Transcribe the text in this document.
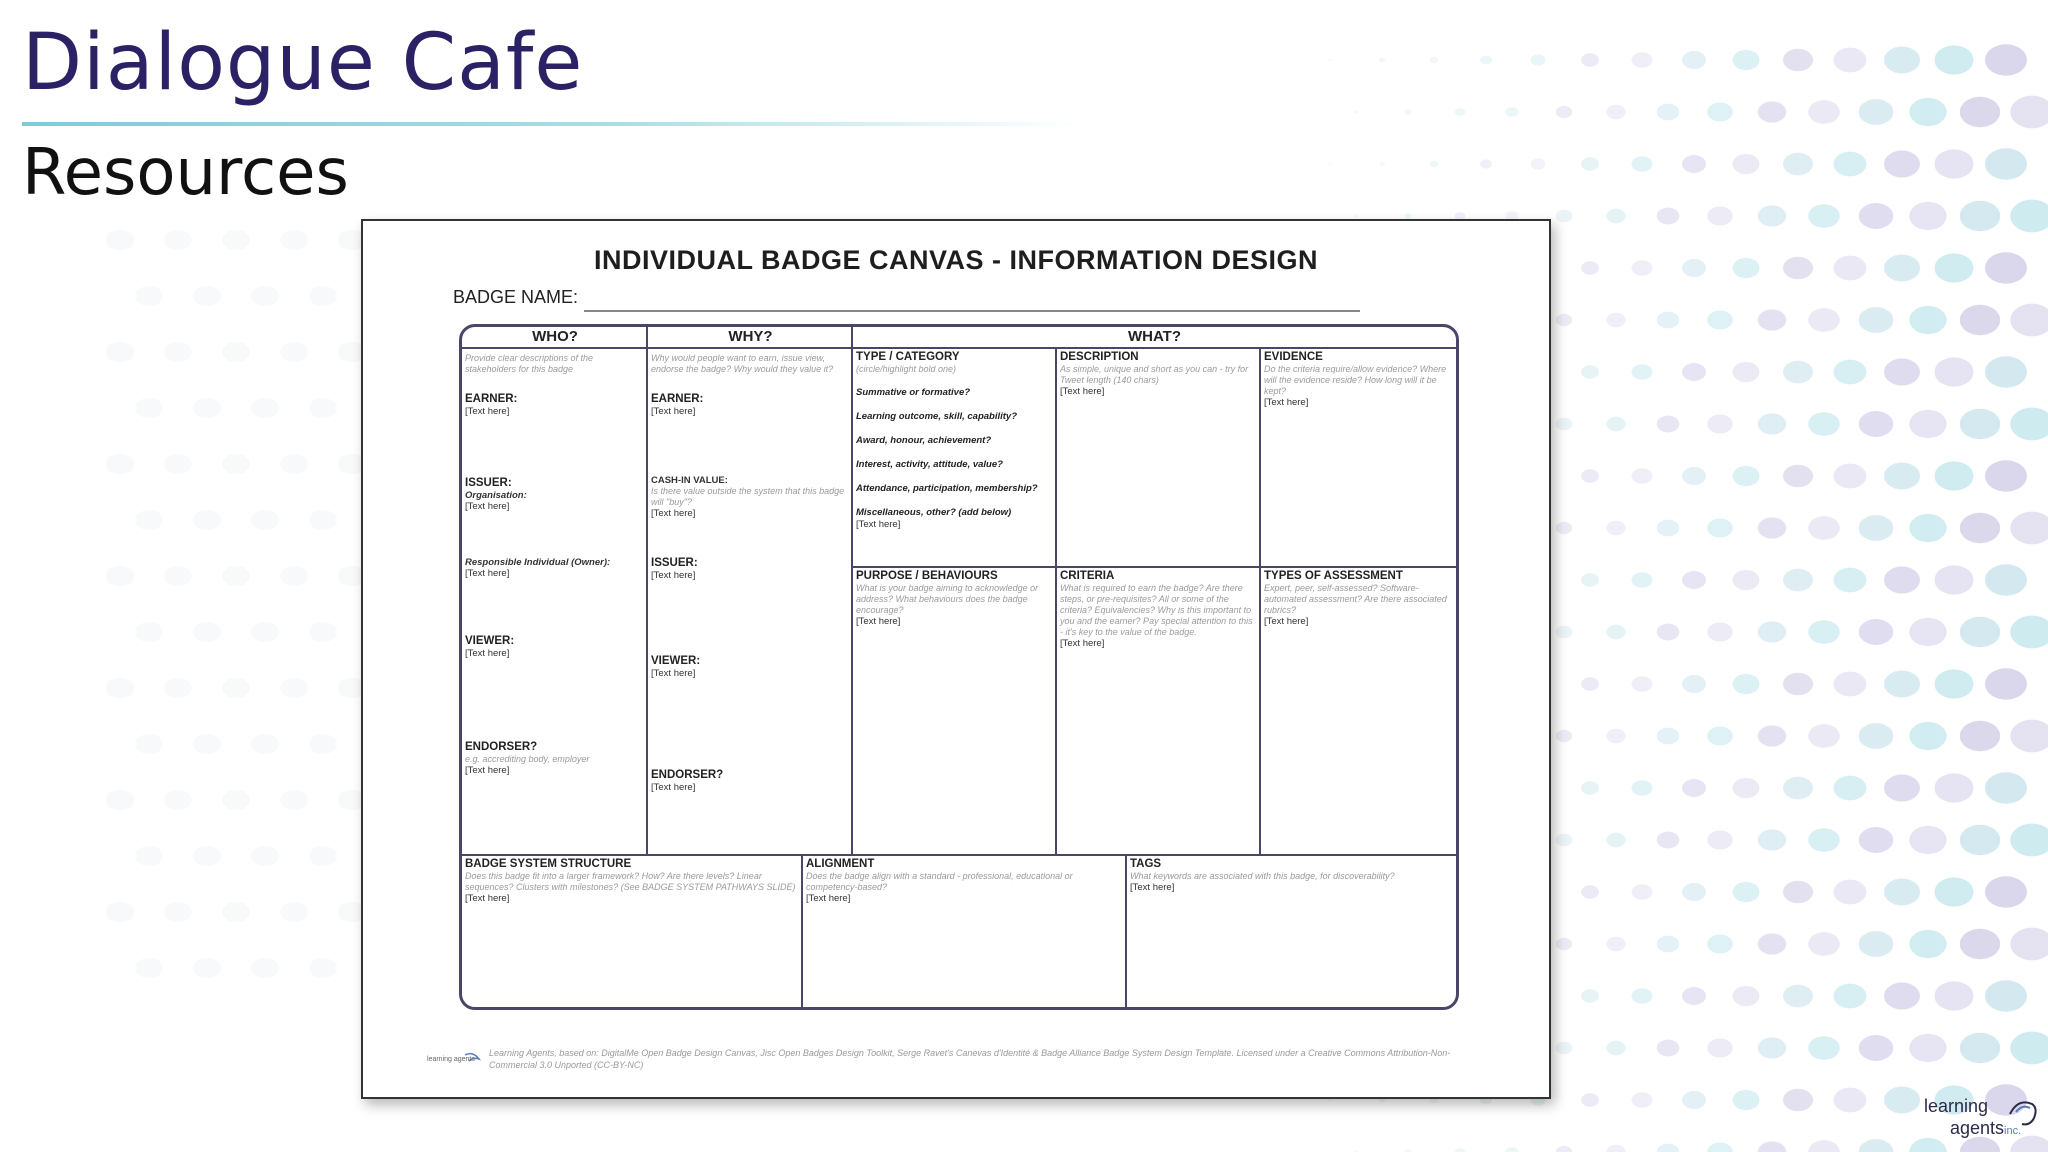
Dialogue Cafe
Resources
INDIVIDUAL BADGE CANVAS - INFORMATION DESIGN
BADGE NAME:
WHO?	WHY?	WHAT?
Provide clear descriptions of the stakeholders for this badge
EARNER:
[Text here]
ISSUER:
Organisation:
[Text here]
Responsible Individual (Owner):
[Text here]
VIEWER:
[Text here]
ENDORSER?
e.g. accrediting body, employer
[Text here]
Why would people want to earn, issue view, endorse the badge? Why would they value it?
EARNER:
[Text here]
CASH-IN VALUE:
Is there value outside the system that this badge will "buy"?
[Text here]
ISSUER:
[Text here]
VIEWER:
[Text here]
ENDORSER?
[Text here]
TYPE / CATEGORY
(circle/highlight bold one)
Summative or formative?
Learning outcome, skill, capability?
Award, honour, achievement?
Interest, activity, attitude, value?
Attendance, participation, membership?
Miscellaneous, other? (add below)
[Text here]
DESCRIPTION
As simple, unique and short as you can - try for Tweet length (140 chars)
[Text here]
EVIDENCE
Do the criteria require/allow evidence? Where will the evidence reside? How long will it be kept?
[Text here]
PURPOSE / BEHAVIOURS
What is your badge aiming to acknowledge or address? What behaviours does the badge encourage?
[Text here]
CRITERIA
What is required to earn the badge? Are there steps, or pre-requisites? All or some of the criteria? Equivalencies? Why is this important to you and the earner? Pay special attention to this - it's key to the value of the badge.
[Text here]
TYPES OF ASSESSMENT
Expert, peer, self-assessed? Software-automated assessment? Are there associated rubrics?
[Text here]
BADGE SYSTEM STRUCTURE
Does this badge fit into a larger framework? How? Are there levels? Linear sequences? Clusters with milestones? (See BADGE SYSTEM PATHWAYS SLIDE)
[Text here]
ALIGNMENT
Does the badge align with a standard - professional, educational or competency-based?
[Text here]
TAGS
What keywords are associated with this badge, for discoverability?
[Text here]
learning agents
Learning Agents, based on: DigitalMe Open Badge Design Canvas, Jisc Open Badges Design Toolkit, Serge Ravet's Canevas d'Identité & Badge Alliance Badge System Design Template. Licensed under a Creative Commons Attribution-Non-Commercial 3.0 Unported (CC-BY-NC)
learning
agentsinc.
